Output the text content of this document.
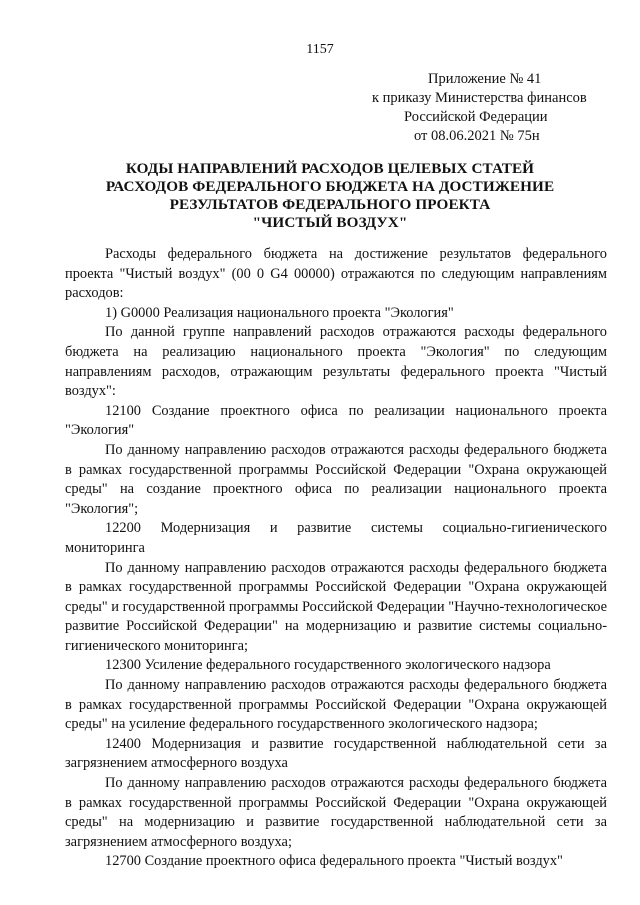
1157
Приложение № 41
к приказу Министерства финансов
Российской Федерации
от 08.06.2021 № 75н
КОДЫ НАПРАВЛЕНИЙ РАСХОДОВ ЦЕЛЕВЫХ СТАТЕЙ
РАСХОДОВ ФЕДЕРАЛЬНОГО БЮДЖЕТА НА ДОСТИЖЕНИЕ
РЕЗУЛЬТАТОВ ФЕДЕРАЛЬНОГО ПРОЕКТА
"ЧИСТЫЙ ВОЗДУХ"

Расходы федерального бюджета на достижение результатов федерального проекта "Чистый воздух" (00 0 G4 00000) отражаются по следующим направлениям расходов:

1) G0000 Реализация национального проекта "Экология"

По данной группе направлений расходов отражаются расходы федерального бюджета на реализацию национального проекта "Экология" по следующим направлениям расходов, отражающим результаты федерального проекта "Чистый воздух":

12100 Создание проектного офиса по реализации национального проекта "Экология"

По данному направлению расходов отражаются расходы федерального бюджета в рамках государственной программы Российской Федерации "Охрана окружающей среды" на создание проектного офиса по реализации национального проекта "Экология";

12200 Модернизация и развитие системы социально-гигиенического мониторинга

По данному направлению расходов отражаются расходы федерального бюджета в рамках государственной программы Российской Федерации "Охрана окружающей среды" и государственной программы Российской Федерации "Научно-технологическое развитие Российской Федерации" на модернизацию и развитие системы социально-гигиенического мониторинга;

12300 Усиление федерального государственного экологического надзора

По данному направлению расходов отражаются расходы федерального бюджета в рамках государственной программы Российской Федерации "Охрана окружающей среды" на усиление федерального государственного экологического надзора;

12400 Модернизация и развитие государственной наблюдательной сети за загрязнением атмосферного воздуха

По данному направлению расходов отражаются расходы федерального бюджета в рамках государственной программы Российской Федерации "Охрана окружающей среды" на модернизацию и развитие государственной наблюдательной сети за загрязнением атмосферного воздуха;

12700 Создание проектного офиса федерального проекта "Чистый воздух"
